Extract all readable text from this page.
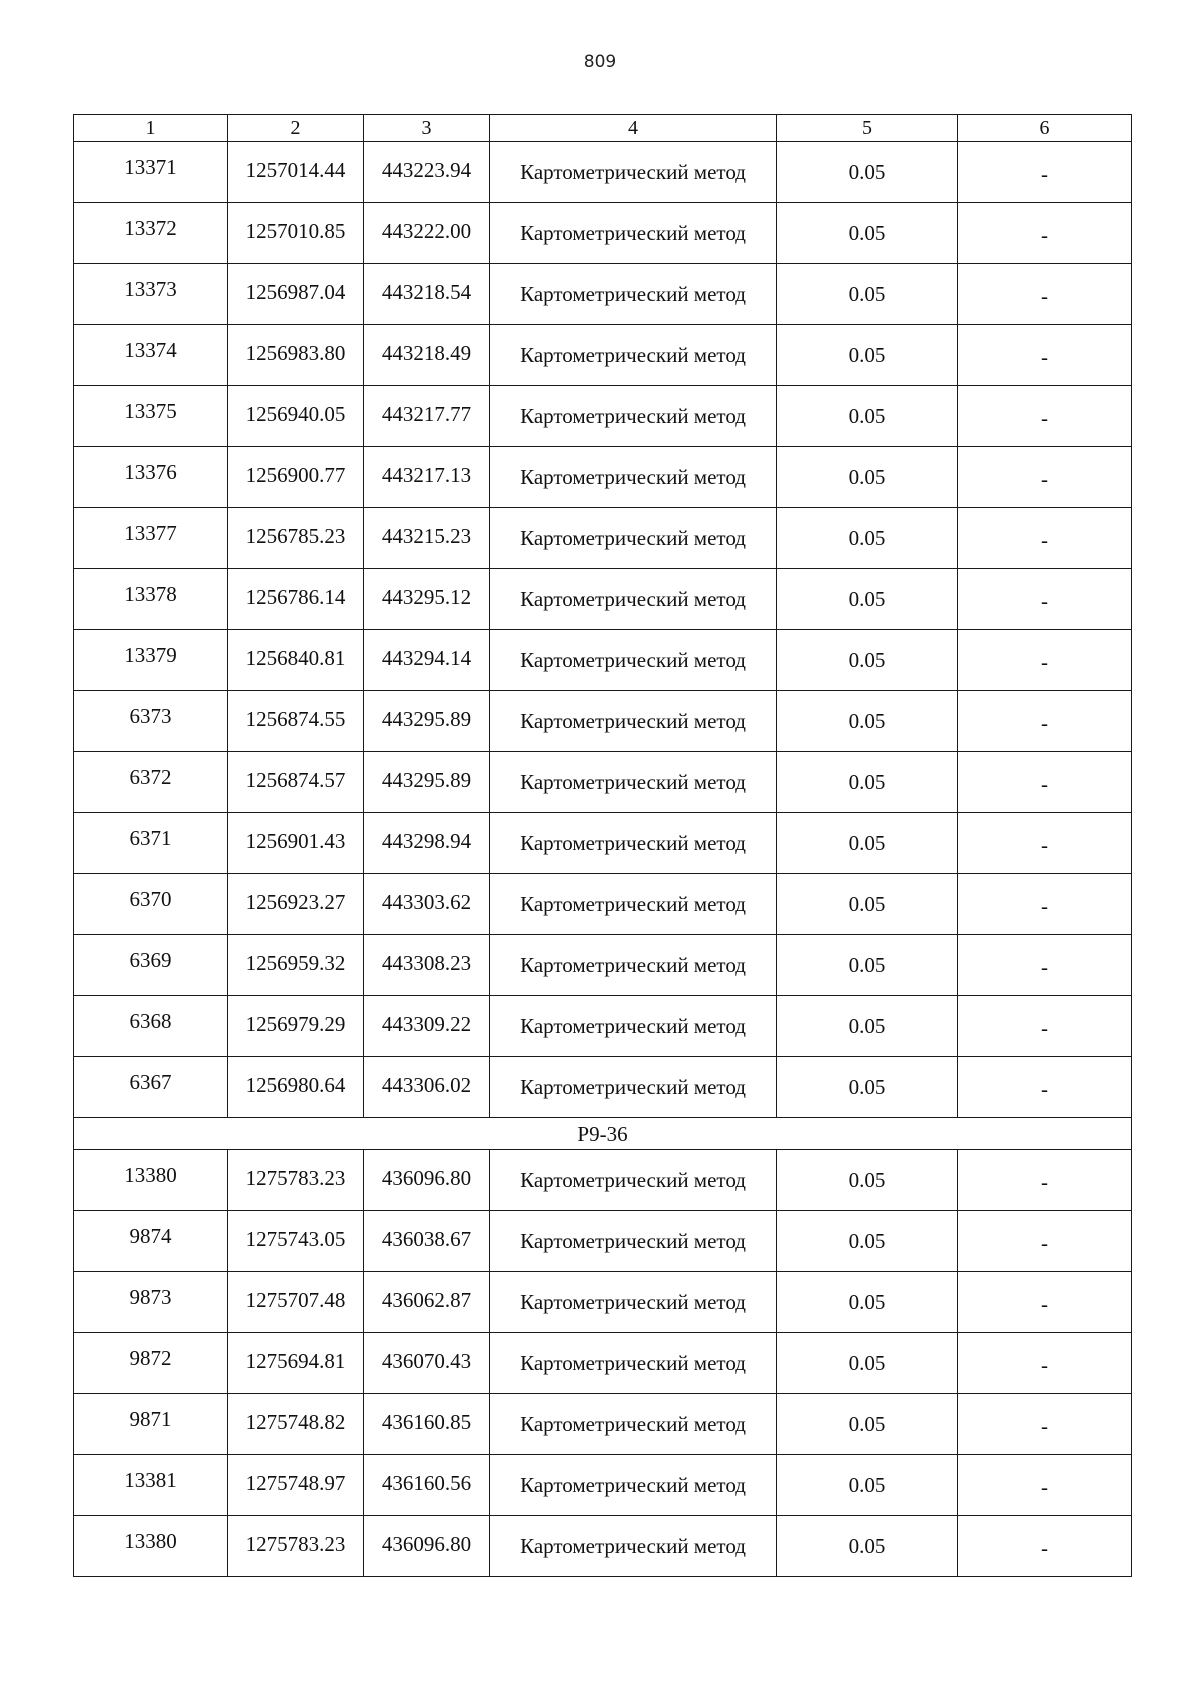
809
1	2	3	4	5	6
13371	1257014.44	443223.94	Картометрический метод	0.05	-
13372	1257010.85	443222.00	Картометрический метод	0.05	-
13373	1256987.04	443218.54	Картометрический метод	0.05	-
13374	1256983.80	443218.49	Картометрический метод	0.05	-
13375	1256940.05	443217.77	Картометрический метод	0.05	-
13376	1256900.77	443217.13	Картометрический метод	0.05	-
13377	1256785.23	443215.23	Картометрический метод	0.05	-
13378	1256786.14	443295.12	Картометрический метод	0.05	-
13379	1256840.81	443294.14	Картометрический метод	0.05	-
6373	1256874.55	443295.89	Картометрический метод	0.05	-
6372	1256874.57	443295.89	Картометрический метод	0.05	-
6371	1256901.43	443298.94	Картометрический метод	0.05	-
6370	1256923.27	443303.62	Картометрический метод	0.05	-
6369	1256959.32	443308.23	Картометрический метод	0.05	-
6368	1256979.29	443309.22	Картометрический метод	0.05	-
6367	1256980.64	443306.02	Картометрический метод	0.05	-
Р9-36					
13380	1275783.23	436096.80	Картометрический метод	0.05	-
9874	1275743.05	436038.67	Картометрический метод	0.05	-
9873	1275707.48	436062.87	Картометрический метод	0.05	-
9872	1275694.81	436070.43	Картометрический метод	0.05	-
9871	1275748.82	436160.85	Картометрический метод	0.05	-
13381	1275748.97	436160.56	Картометрический метод	0.05	-
13380	1275783.23	436096.80	Картометрический метод	0.05	-
